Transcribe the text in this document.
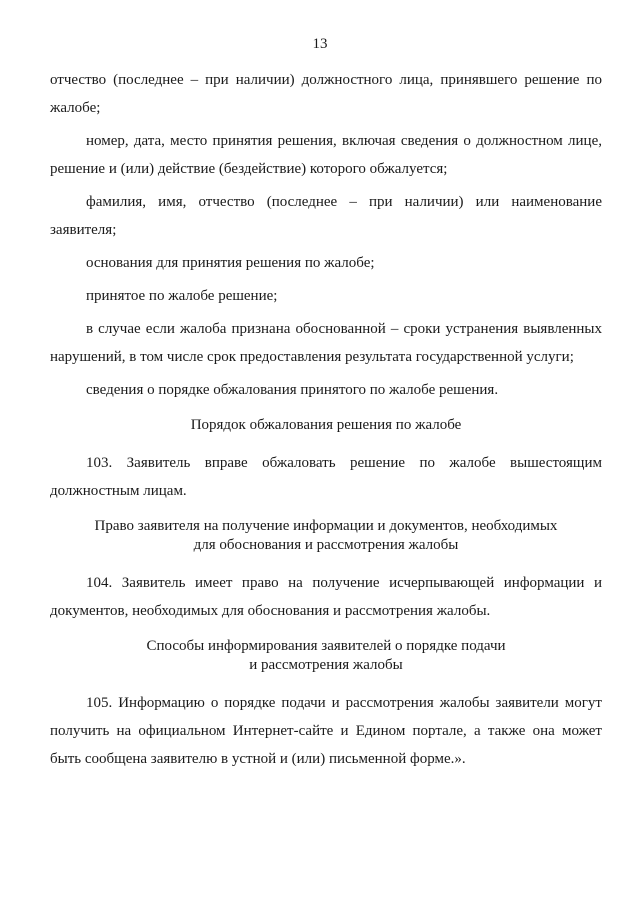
13

отчество (последнее – при наличии) должностного лица, принявшего решение по жалобе;

номер, дата, место принятия решения, включая сведения о должностном лице, решение и (или) действие (бездействие) которого обжалуется;

фамилия, имя, отчество (последнее – при наличии) или наименование заявителя;

основания для принятия решения по жалобе;

принятое по жалобе решение;

в случае если жалоба признана обоснованной – сроки устранения выявленных нарушений, в том числе срок предоставления результата государственной услуги;

сведения о порядке обжалования принятого по жалобе решения.

Порядок обжалования решения по жалобе

103. Заявитель вправе обжаловать решение по жалобе вышестоящим должностным лицам.

Право заявителя на получение информации и документов, необходимых
для обоснования и рассмотрения жалобы

104. Заявитель имеет право на получение исчерпывающей информации и документов, необходимых для обоснования и рассмотрения жалобы.

Способы информирования заявителей о порядке подачи
и рассмотрения жалобы

105. Информацию о порядке подачи и рассмотрения жалобы заявители могут получить на официальном Интернет-сайте и Едином портале, а также она может быть сообщена заявителю в устной и (или) письменной форме.».
